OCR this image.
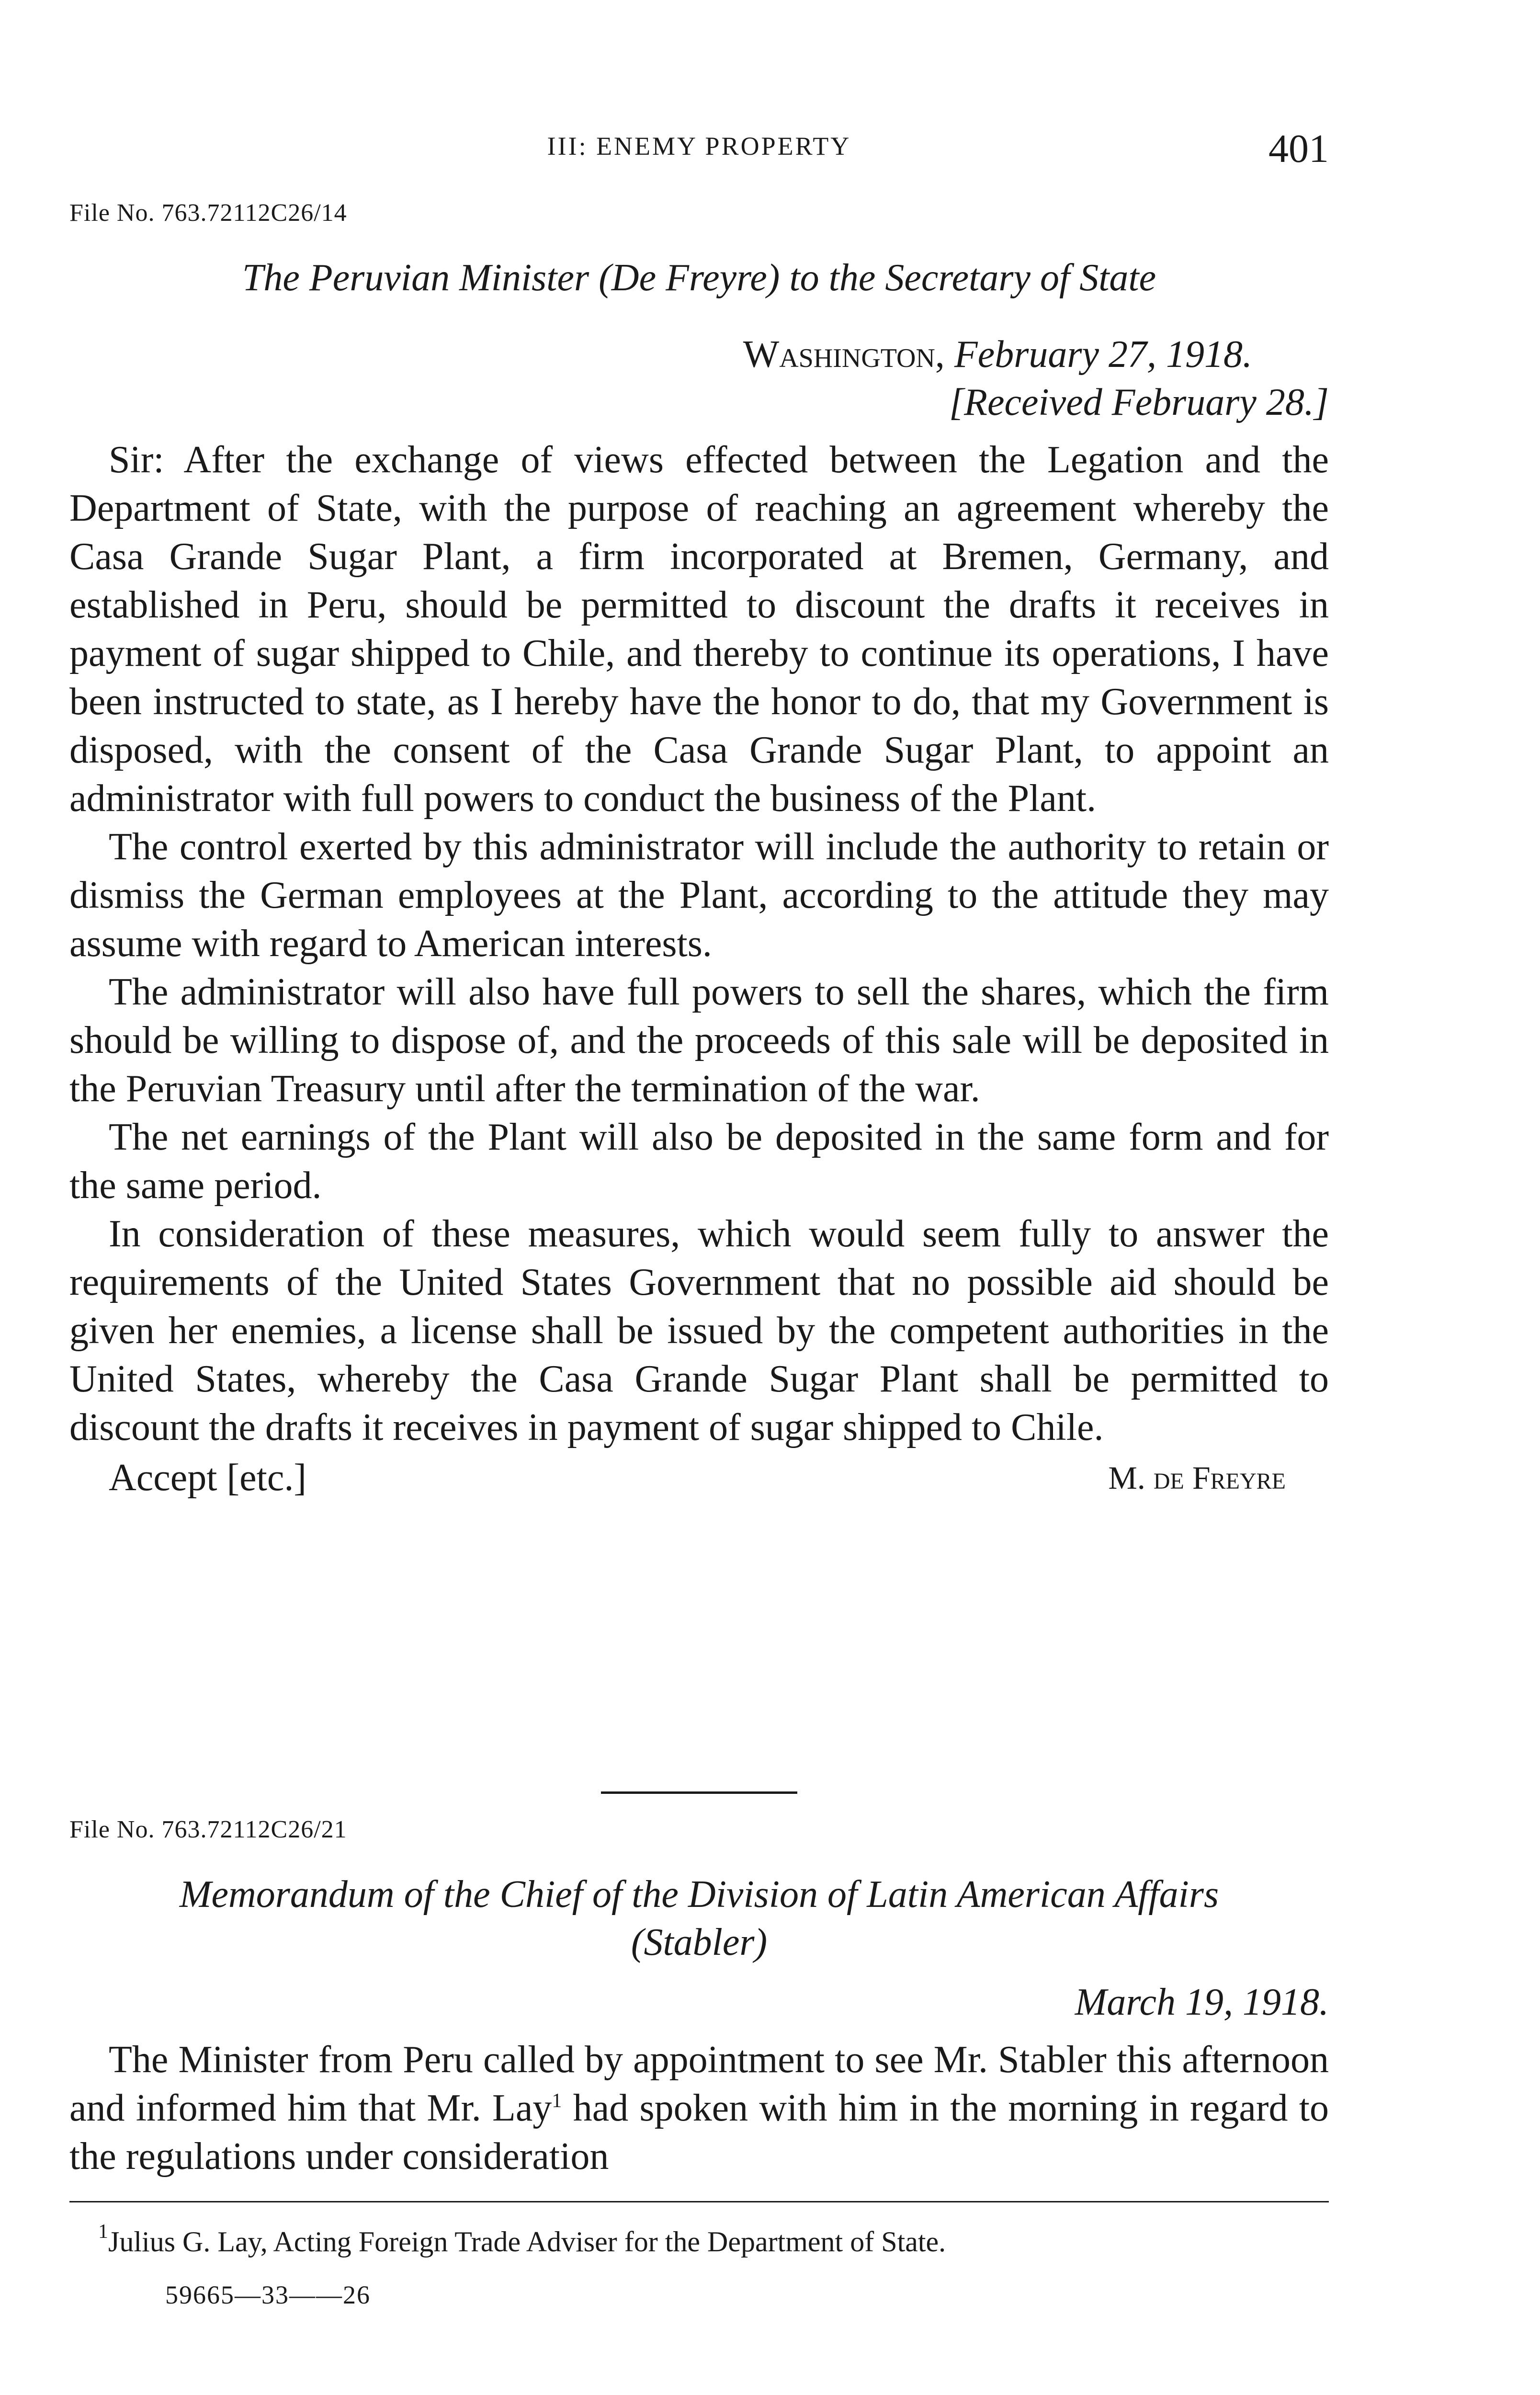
III: ENEMY PROPERTY	401
File No. 763.72112C26/14
The Peruvian Minister (De Freyre) to the Secretary of State
Washington, February 27, 1918.
[Received February 28.]

Sir: After the exchange of views effected between the Legation and the Department of State, with the purpose of reaching an agreement whereby the Casa Grande Sugar Plant, a firm incorporated at Bremen, Germany, and established in Peru, should be permitted to discount the drafts it receives in payment of sugar shipped to Chile, and thereby to continue its operations, I have been instructed to state, as I hereby have the honor to do, that my Government is disposed, with the consent of the Casa Grande Sugar Plant, to appoint an administrator with full powers to conduct the business of the Plant.

The control exerted by this administrator will include the authority to retain or dismiss the German employees at the Plant, according to the attitude they may assume with regard to American interests.

The administrator will also have full powers to sell the shares, which the firm should be willing to dispose of, and the proceeds of this sale will be deposited in the Peruvian Treasury until after the termination of the war.

The net earnings of the Plant will also be deposited in the same form and for the same period.

In consideration of these measures, which would seem fully to answer the requirements of the United States Government that no possible aid should be given her enemies, a license shall be issued by the competent authorities in the United States, whereby the Casa Grande Sugar Plant shall be permitted to discount the drafts it receives in payment of sugar shipped to Chile.

Accept [etc.]	M. de Freyre
File No. 763.72112C26/21
Memorandum of the Chief of the Division of Latin American Affairs
(Stabler)
March 19, 1918.

The Minister from Peru called by appointment to see Mr. Stabler this afternoon and informed him that Mr. Lay$^1$ had spoken with him in the morning in regard to the regulations under consideration

$^1$Julius G. Lay, Acting Foreign Trade Adviser for the Department of State.
59665—33——26
